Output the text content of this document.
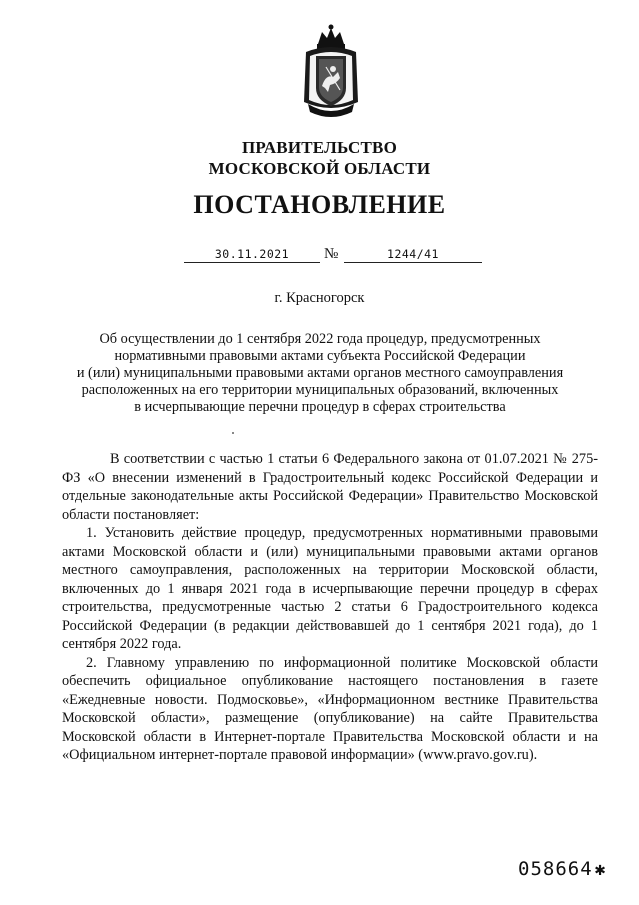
ПРАВИТЕЛЬСТВО
МОСКОВСКОЙ ОБЛАСТИ
ПОСТАНОВЛЕНИЕ
30.11.2021	№	1244/41
г. Красногорск
Об осуществлении до 1 сентября 2022 года процедур, предусмотренных
нормативными правовыми актами субъекта Российской Федерации
и (или) муниципальными правовыми актами органов местного самоуправления
расположенных на его территории муниципальных образований, включенных
в исчерпывающие перечни процедур в сферах строительства

В соответствии с частью 1 статьи 6 Федерального закона от 01.07.2021 № 275-ФЗ «О внесении изменений в Градостроительный кодекс Российской Федерации и отдельные законодательные акты Российской Федерации» Правительство Московской области постановляет:

1. Установить действие процедур, предусмотренных нормативными правовыми актами Московской области и (или) муниципальными правовыми актами органов местного самоуправления, расположенных на территории Московской области, включенных до 1 января 2021 года в исчерпывающие перечни процедур в сферах строительства, предусмотренные частью 2 статьи 6 Градостроительного кодекса Российской Федерации (в редакции действовавшей до 1 сентября 2021 года), до 1 сентября 2022 года.

2. Главному управлению по информационной политике Московской области обеспечить официальное опубликование настоящего постановления в газете «Ежедневные новости. Подмосковье», «Информационном вестнике Правительства Московской области», размещение (опубликование) на сайте Правительства Московской области в Интернет-портале Правительства Московской области и на «Официальном интернет-портале правовой информации» (www.pravo.gov.ru).

058664 ✱
